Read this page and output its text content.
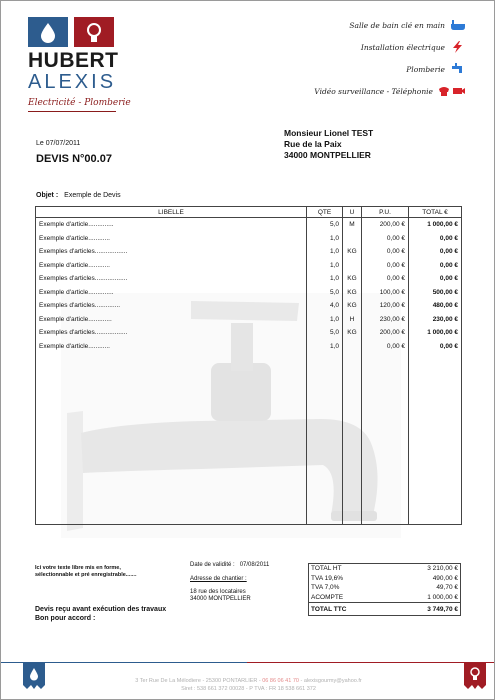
HUBERT
ALEXIS
Electricité - Plomberie
Salle de bain clé en main
Installation électrique
Plomberie
Vidéo surveillance - Téléphonie
Le 07/07/2011
DEVIS N°00.07
Monsieur Lionel TEST
Rue de la Paix
34000 MONTPELLIER
Objet : Exemple de Devis
LIBELLE	QTE	U	P.U.	TOTAL €
Exemple d'article..............	5,0	M	200,00 €	1 000,00 €
Exemple d'article............	1,0		0,00 €	0,00 €
Exemples d'articles..................	1,0	KG	0,00 €	0,00 €
Exemple d'article............	1,0		0,00 €	0,00 €
Exemples d'articles..................	1,0	KG	0,00 €	0,00 €
Exemple d'article..............	5,0	KG	100,00 €	500,00 €
Exemples d'articles..............	4,0	KG	120,00 €	480,00 €
Exemple d'article.............	1,0	H	230,00 €	230,00 €
Exemples d'articles..................	5,0	KG	200,00 €	1 000,00 €
Exemple d'article............	1,0		0,00 €	0,00 €

Ici votre texte libre mis en forme,
sélectionnable et pré enregistrable.......
Devis reçu avant exécution des travaux
Bon pour accord :
Date de validité : 07/08/2011
Adresse de chantier :
18 rue des locataires
34000 MONTPELLIER
TOTAL HT	3 210,00 €
TVA 19,6%	490,00 €
TVA 7,0%	49,70 €
ACOMPTE	1 000,00 €
TOTAL TTC	3 749,70 €
3 Ter Rue De La Mélodiere - 25300 PONTARLIER - 06 86 06 41 70 - alexisgourmy@yahoo.fr
Siret : 538 661 372 00028 - P TVA : FR 18 538 661 372
